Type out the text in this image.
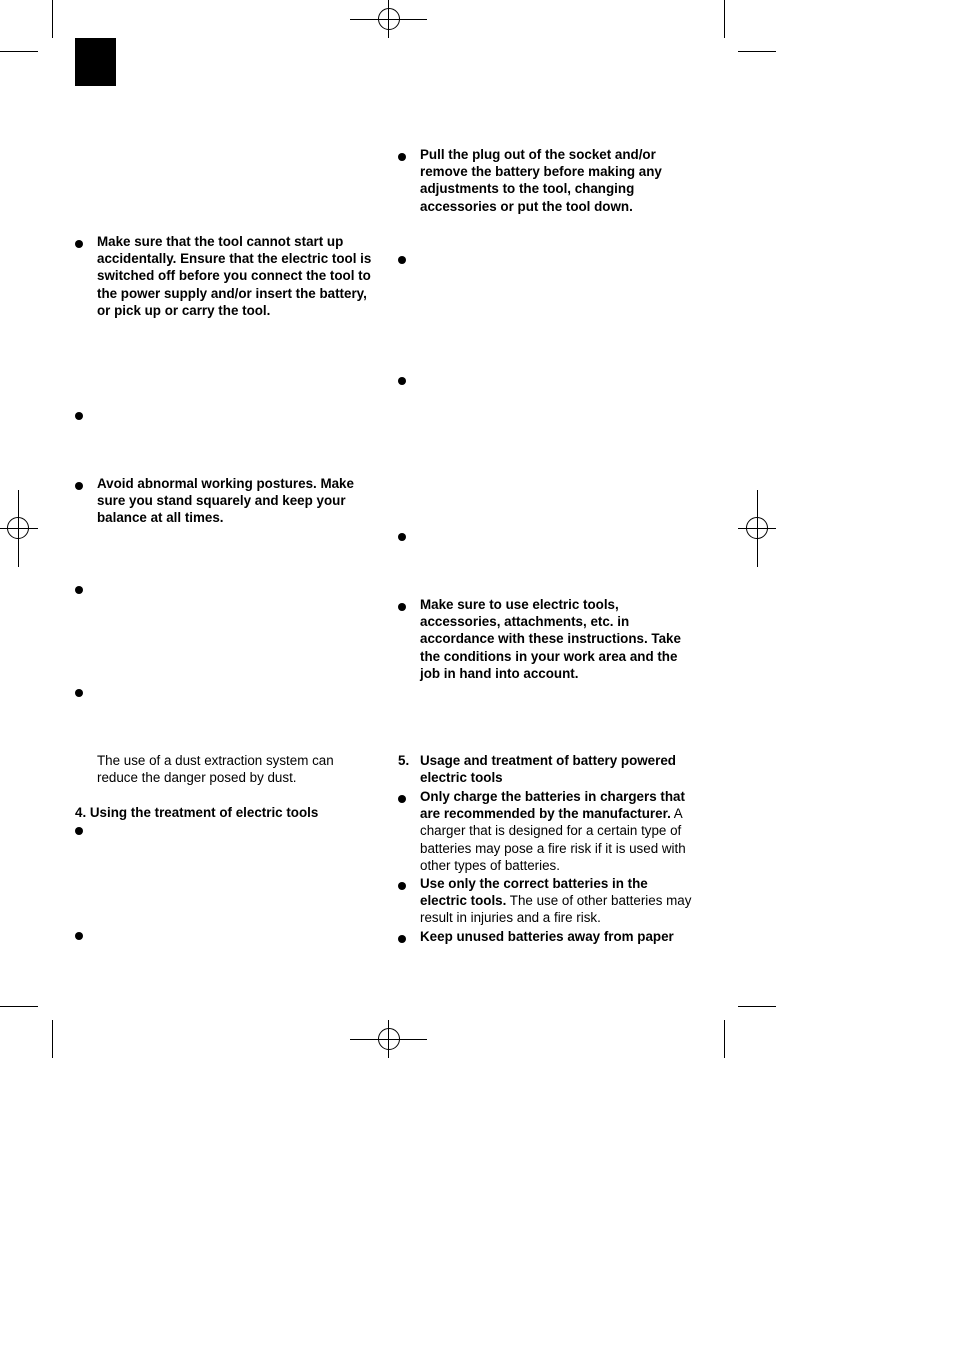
Make sure that the tool cannot start up accidentally. Ensure that the electric tool is switched off before you connect the tool to the power supply and/or insert the battery, or pick up or carry the tool.
Avoid abnormal working postures. Make sure you stand squarely and keep your balance at all times.
The use of a dust extraction system can reduce the danger posed by dust.
4. Using the treatment of electric tools
Pull the plug out of the socket and/or remove the battery before making any adjustments to the tool, changing accessories or put the tool down.
Make sure to use electric tools, accessories, attachments, etc. in accordance with these instructions. Take the conditions in your work area and the job in hand into account.
5. Usage and treatment of battery powered electric tools
Only charge the batteries in chargers that are recommended by the manufacturer. A charger that is designed for a certain type of batteries may pose a fire risk if it is used with other types of batteries.
Use only the correct batteries in the electric tools. The use of other batteries may result in injuries and a fire risk.
Keep unused batteries away from paper
